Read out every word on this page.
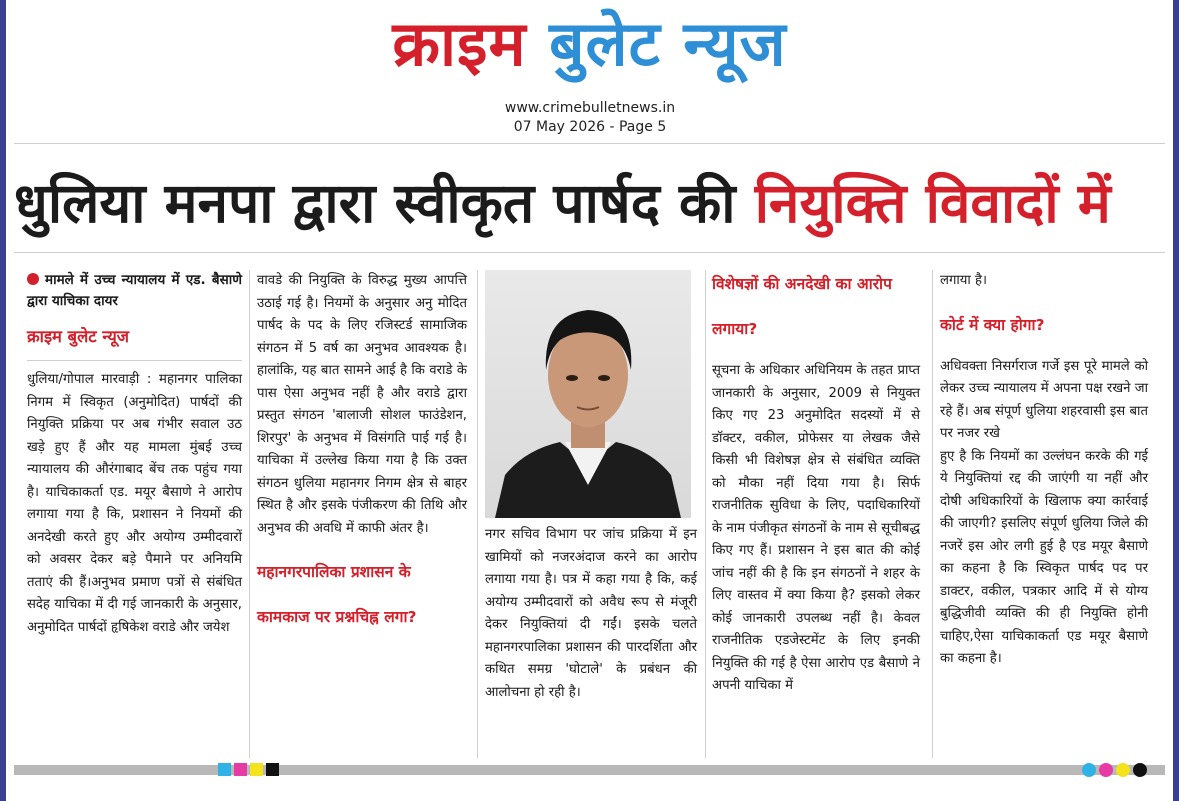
क्राइम बुलेट न्यूज
www.crimebulletnews.in
07 May 2026 - Page 5
धुलिया मनपा द्वारा स्वीकृत पार्षद की नियुक्ति विवादों में
मामले में उच्च न्यायालय में एड. बैसाणे द्वारा याचिका दायर
क्राइम बुलेट न्यूज

धुलिया/गोपाल मारवाड़ी : महानगर पालिका निगम में स्विकृत (अनुमोदित) पार्षदों की नियुक्ति प्रक्रिया पर अब गंभीर सवाल उठ खड़े हुए हैं और यह मामला मुंबई उच्च न्यायालय की औरंगाबाद बेंच तक पहुंच गया है। याचिकाकर्ता एड. मयूर बैसाणे ने आरोप लगाया गया है कि, प्रशासन ने नियमों की अनदेखी करते हुए और अयोग्य उम्मीदवारों को अवसर देकर बड़े पैमाने पर अनियमि तताएं की हैं।अनुभव प्रमाण पत्रों से संबंधित सदेह याचिका में दी गई जानकारी के अनुसार, अनुमोदित पार्षदों हृषिकेश वराडे और जयेश

वावडे की नियुक्ति के विरुद्ध मुख्य आपत्ति उठाई गई है। नियमों के अनुसार अनु मोदित पार्षद के पद के लिए रजिस्टर्ड सामाजिक संगठन में 5 वर्ष का अनुभव आवश्यक है। हालांकि, यह बात सामने आई है कि वराडे के पास ऐसा अनुभव नहीं है और वराडे द्वारा प्रस्तुत संगठन 'बालाजी सोशल फाउंडेशन, शिरपुर' के अनुभव में विसंगति पाई गई है। याचिका में उल्लेख किया गया है कि उक्त संगठन धुलिया महानगर निगम क्षेत्र से बाहर स्थित है और इसके पंजीकरण की तिथि और अनुभव की अवधि में काफी अंतर है।

महानगरपालिका प्रशासन के कामकाज पर प्रश्नचिह्न लगा?

नगर सचिव विभाग पर जांच प्रक्रिया में इन खामियों को नजरअंदाज करने का आरोप लगाया गया है। पत्र में कहा गया है कि, कई अयोग्य उम्मीदवारों को अवैध रूप से मंजूरी देकर नियुक्तियां दी गईं। इसके चलते महानगरपालिका प्रशासन की पारदर्शिता और कथित समग्र 'घोटाले' के प्रबंधन की आलोचना हो रही है।

विशेषज्ञों की अनदेखी का आरोप लगाया?

सूचना के अधिकार अधिनियम के तहत प्राप्त जानकारी के अनुसार, 2009 से नियुक्त किए गए 23 अनुमोदित सदस्यों में से डॉक्टर, वकील, प्रोफेसर या लेखक जैसे किसी भी विशेषज्ञ क्षेत्र से संबंधित व्यक्ति को मौका नहीं दिया गया है। सिर्फ राजनीतिक सुविधा के लिए, पदाधिकारियों के नाम पंजीकृत संगठनों के नाम से सूचीबद्ध किए गए हैं। प्रशासन ने इस बात की कोई जांच नहीं की है कि इन संगठनों ने शहर के लिए वास्तव में क्या किया है? इसको लेकर कोई जानकारी उपलब्ध नहीं है। केवल राजनीतिक एडजेस्टमेंट के लिए इनकी नियुक्ति की गई है ऐसा आरोप एड बैसाणे ने अपनी याचिका में

लगाया है।

कोर्ट में क्या होगा?

अधिवक्ता निसर्गराज गर्जे इस पूरे मामले को लेकर उच्च न्यायालय में अपना पक्ष रखने जा रहे हैं। अब संपूर्ण धुलिया शहरवासी इस बात पर नजर रखे

हुए है कि नियमों का उल्लंघन करके की गई ये नियुक्तियां रद्द की जाएंगी या नहीं और दोषी अधिकारियों के खिलाफ क्या कार्रवाई की जाएगी? इसलिए संपूर्ण धुलिया जिले की नजरें इस ओर लगी हुई है एड मयूर बैसाणे का कहना है कि स्विकृत पार्षद पद पर डाक्टर, वकील, पत्रकार आदि में से योग्य बुद्धिजीवी व्यक्ति की ही नियुक्ति होनी चाहिए,ऐसा याचिकाकर्ता एड मयूर बैसाणे का कहना है।
